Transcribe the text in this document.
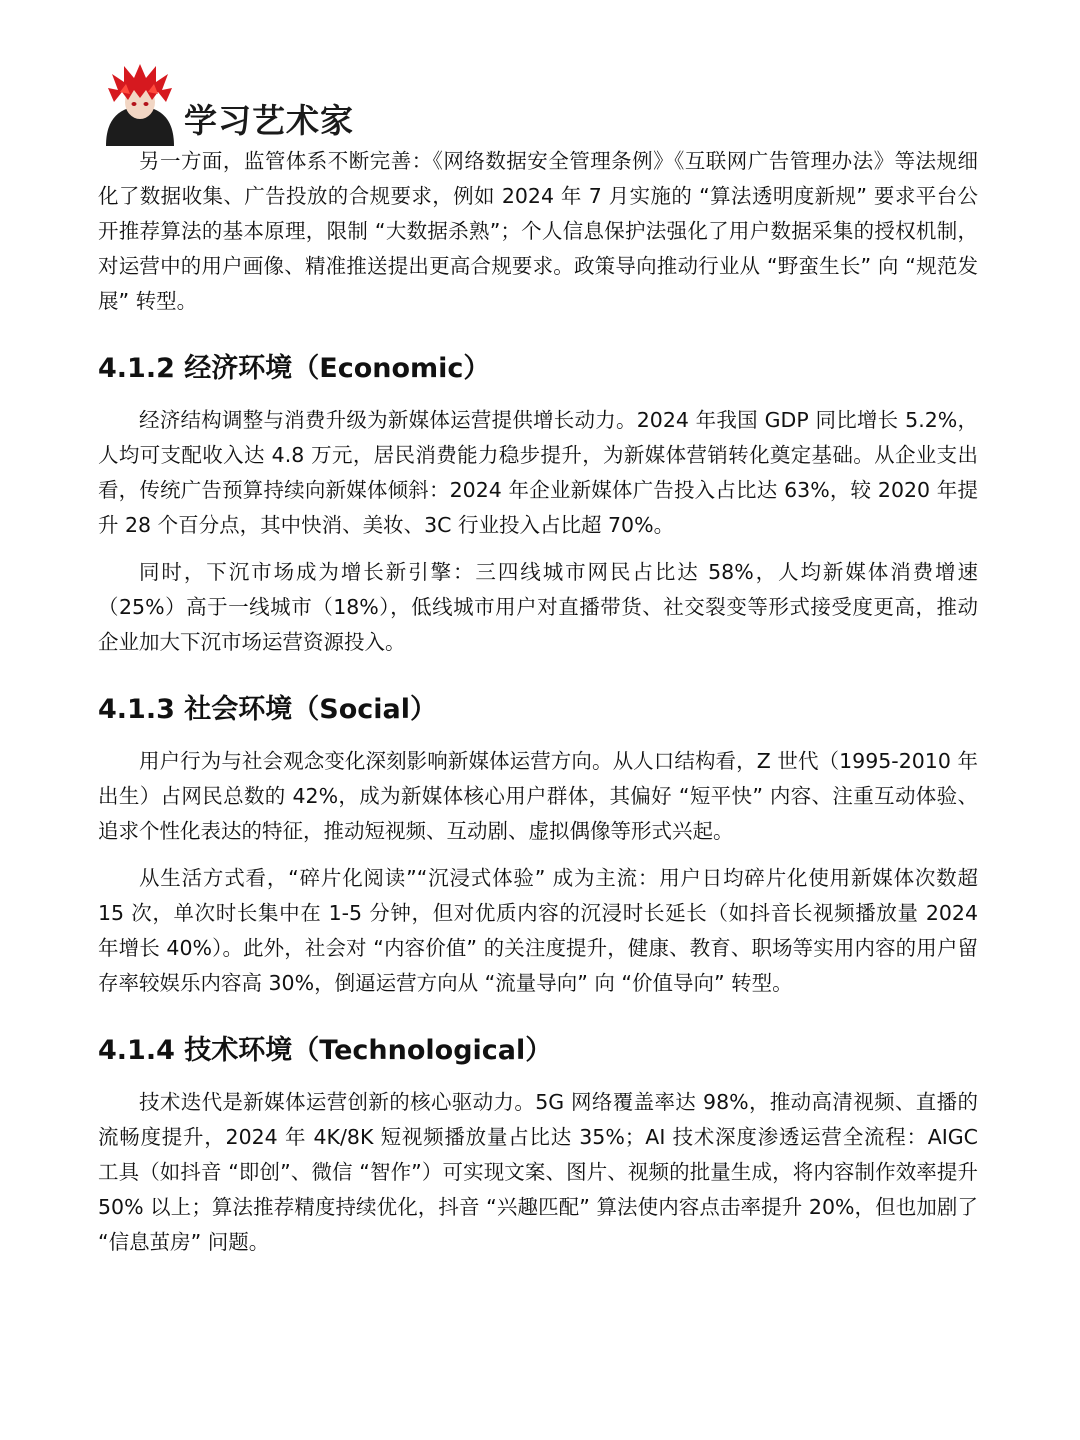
学习艺术家

另一方面，监管体系不断完善：《网络数据安全管理条例》《互联网广告管理办法》等法规细化了数据收集、广告投放的合规要求，例如 2024 年 7 月实施的 “算法透明度新规” 要求平台公开推荐算法的基本原理，限制 “大数据杀熟”；个人信息保护法强化了用户数据采集的授权机制，对运营中的用户画像、精准推送提出更高合规要求。政策导向推动行业从 “野蛮生长” 向 “规范发展” 转型。

4.1.2 经济环境（Economic）

经济结构调整与消费升级为新媒体运营提供增长动力。2024 年我国 GDP 同比增长 5.2%，人均可支配收入达 4.8 万元，居民消费能力稳步提升，为新媒体营销转化奠定基础。从企业支出看，传统广告预算持续向新媒体倾斜：2024 年企业新媒体广告投入占比达 63%，较 2020 年提升 28 个百分点，其中快消、美妆、3C 行业投入占比超 70%。

同时，下沉市场成为增长新引擎：三四线城市网民占比达 58%，人均新媒体消费增速（25%）高于一线城市（18%），低线城市用户对直播带货、社交裂变等形式接受度更高，推动企业加大下沉市场运营资源投入。

4.1.3 社会环境（Social）

用户行为与社会观念变化深刻影响新媒体运营方向。从人口结构看，Z 世代（1995-2010 年出生）占网民总数的 42%，成为新媒体核心用户群体，其偏好 “短平快” 内容、注重互动体验、追求个性化表达的特征，推动短视频、互动剧、虚拟偶像等形式兴起。

从生活方式看，“碎片化阅读”“沉浸式体验” 成为主流：用户日均碎片化使用新媒体次数超 15 次，单次时长集中在 1-5 分钟，但对优质内容的沉浸时长延长（如抖音长视频播放量 2024 年增长 40%）。此外，社会对 “内容价值” 的关注度提升，健康、教育、职场等实用内容的用户留存率较娱乐内容高 30%，倒逼运营方向从 “流量导向” 向 “价值导向” 转型。

4.1.4 技术环境（Technological）

技术迭代是新媒体运营创新的核心驱动力。5G 网络覆盖率达 98%，推动高清视频、直播的流畅度提升，2024 年 4K/8K 短视频播放量占比达 35%；AI 技术深度渗透运营全流程：AIGC 工具（如抖音 “即创”、微信 “智作”）可实现文案、图片、视频的批量生成，将内容制作效率提升 50% 以上；算法推荐精度持续优化，抖音 “兴趣匹配” 算法使内容点击率提升 20%，但也加剧了 “信息茧房” 问题。
